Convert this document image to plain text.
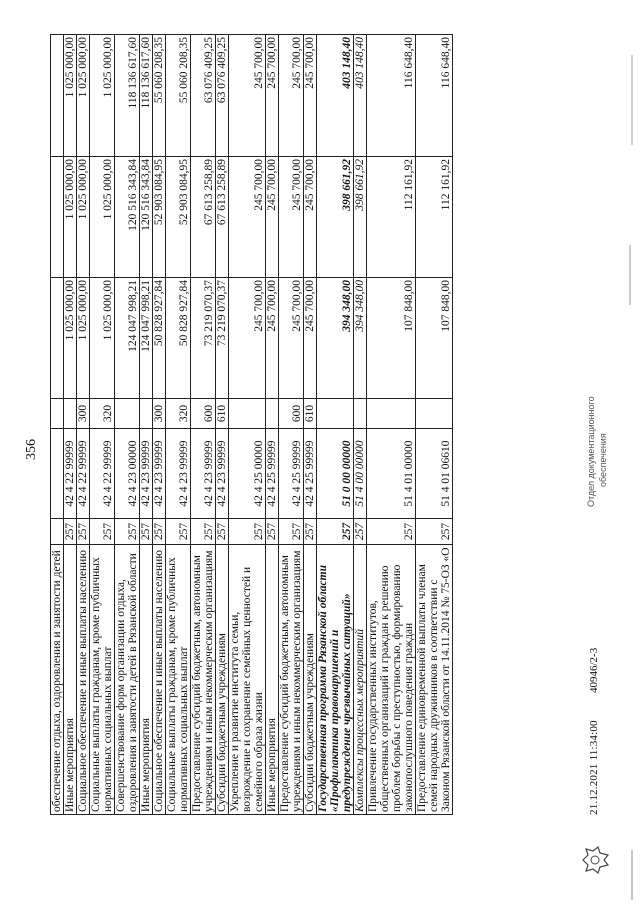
356
обеспечение отдыха, оздоровления и занятости детей						
Иные мероприятия	257	42 4 22 99999		1 025 000,00	1 025 000,00	1 025 000,00
Социальное обеспечение и иные выплаты населению	257	42 4 22 99999	300	1 025 000,00	1 025 000,00	1 025 000,00
Социальные выплаты гражданам, кроме публичных нормативных социальных выплат	257	42 4 22 99999	320	1 025 000,00	1 025 000,00	1 025 000,00
Совершенствование форм организации отдыха, оздоровления и занятости детей в Рязанской области	257	42 4 23 00000		124 047 998,21	120 516 343,84	118 136 617,60
Иные мероприятия	257	42 4 23 99999		124 047 998,21	120 516 343,84	118 136 617,60
Социальное обеспечение и иные выплаты населению	257	42 4 23 99999	300	50 828 927,84	52 903 084,95	55 060 208,35
Социальные выплаты гражданам, кроме публичных нормативных социальных выплат	257	42 4 23 99999	320	50 828 927,84	52 903 084,95	55 060 208,35
Предоставление субсидий бюджетным, автономным учреждениям и иным некоммерческим организациям	257	42 4 23 99999	600	73 219 070,37	67 613 258,89	63 076 409,25
Субсидии бюджетным учреждениям	257	42 4 23 99999	610	73 219 070,37	67 613 258,89	63 076 409,25
Укрепление и развитие института семьи, возрождение и сохранение семейных ценностей и семейного образа жизни	257	42 4 25 00000		245 700,00	245 700,00	245 700,00
Иные мероприятия	257	42 4 25 99999		245 700,00	245 700,00	245 700,00
Предоставление субсидий бюджетным, автономным учреждениям и иным некоммерческим организациям	257	42 4 25 99999	600	245 700,00	245 700,00	245 700,00
Субсидии бюджетным учреждениям	257	42 4 25 99999	610	245 700,00	245 700,00	245 700,00
Государственная программа Рязанской области «Профилактика правонарушений и предупреждение чрезвычайных ситуаций»	257	51 0 00 00000		394 348,00	398 661,92	403 148,40
Комплексы процессных мероприятий	257	51 4 00 00000		394 348,00	398 661,92	403 148,40
Привлечение государственных институтов, общественных организаций и граждан к решению проблем борьбы с преступностью, формированию законопослушного поведения граждан	257	51 4 01 00000		107 848,00	112 161,92	116 648,40
Предоставление единовременной выплаты членам семей народных дружинников в соответствии с Законом Рязанской области от 14.11.2014 № 75-ОЗ «О	257	51 4 01 06610		107 848,00	112 161,92	116 648,40
21.12.2021 11:34:00
40946/2-3
Отдел документационного обеспечения
